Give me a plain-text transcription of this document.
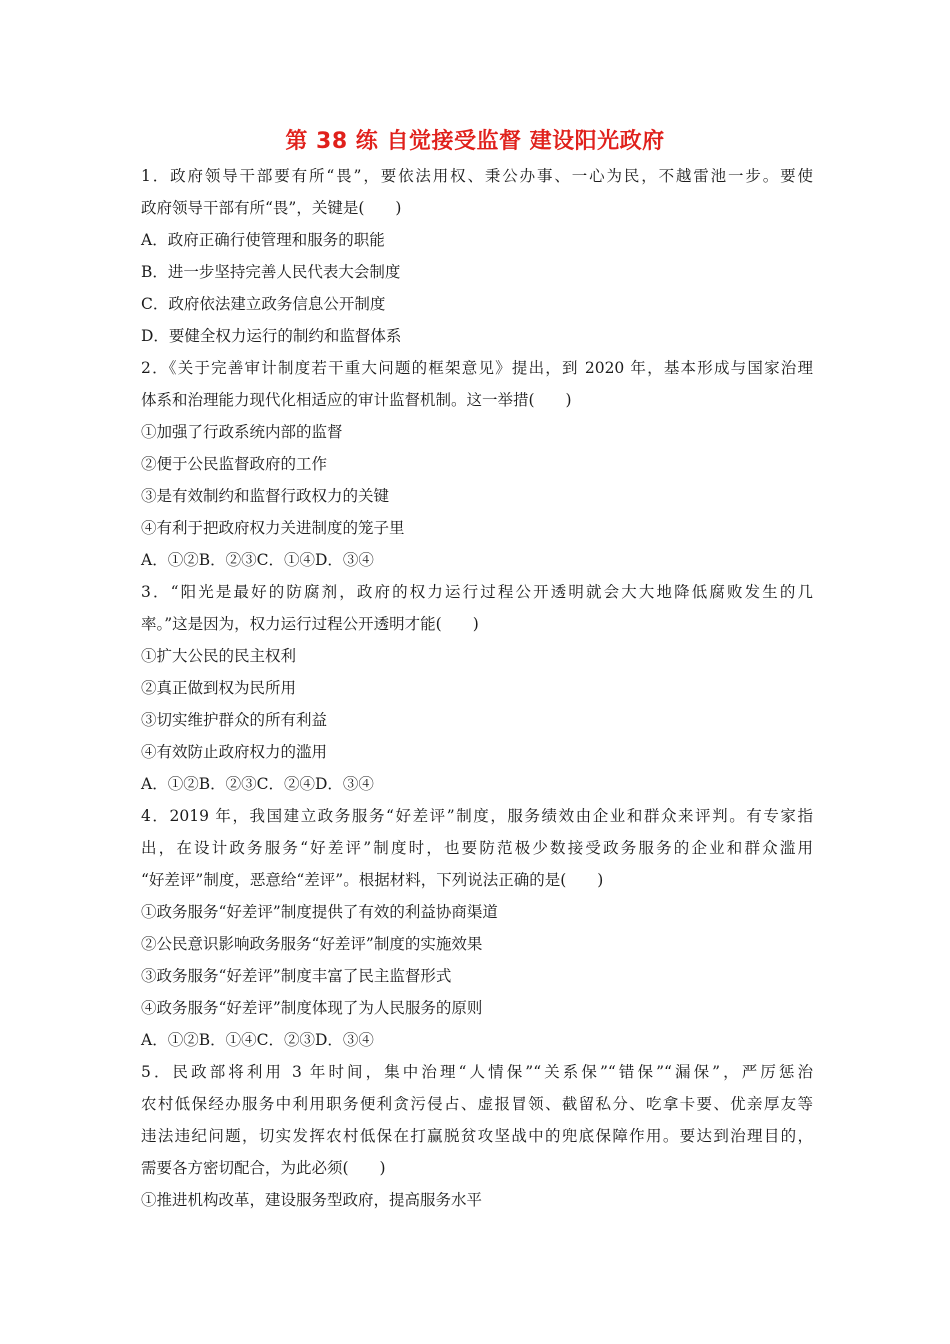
第 38 练 自觉接受监督 建设阳光政府
1．政府领导干部要有所“畏”，要依法用权、秉公办事、一心为民，不越雷池一步。要使
政府领导干部有所“畏”，关键是(　　)
A．政府正确行使管理和服务的职能
B．进一步坚持完善人民代表大会制度
C．政府依法建立政务信息公开制度
D．要健全权力运行的制约和监督体系
2．《关于完善审计制度若干重大问题的框架意见》提出，到 2020 年，基本形成与国家治理
体系和治理能力现代化相适应的审计监督机制。这一举措(　　)
①加强了行政系统内部的监督
②便于公民监督政府的工作
③是有效制约和监督行政权力的关键
④有利于把政府权力关进制度的笼子里
A．①②B．②③C．①④D．③④
3．“阳光是最好的防腐剂，政府的权力运行过程公开透明就会大大地降低腐败发生的几
率。”这是因为，权力运行过程公开透明才能(　　)
①扩大公民的民主权利
②真正做到权为民所用
③切实维护群众的所有利益
④有效防止政府权力的滥用
A．①②B．②③C．②④D．③④
4．2019 年，我国建立政务服务“好差评”制度，服务绩效由企业和群众来评判。有专家指
出，在设计政务服务“好差评”制度时，也要防范极少数接受政务服务的企业和群众滥用
“好差评”制度，恶意给“差评”。根据材料，下列说法正确的是(　　)
①政务服务“好差评”制度提供了有效的利益协商渠道
②公民意识影响政务服务“好差评”制度的实施效果
③政务服务“好差评”制度丰富了民主监督形式
④政务服务“好差评”制度体现了为人民服务的原则
A．①②B．①④C．②③D．③④
5．民政部将利用 3 年时间，集中治理“人情保”“关系保”“错保”“漏保”，严厉惩治
农村低保经办服务中利用职务便利贪污侵占、虚报冒领、截留私分、吃拿卡要、优亲厚友等
违法违纪问题，切实发挥农村低保在打赢脱贫攻坚战中的兜底保障作用。要达到治理目的，
需要各方密切配合，为此必须(　　)
①推进机构改革，建设服务型政府，提高服务水平
